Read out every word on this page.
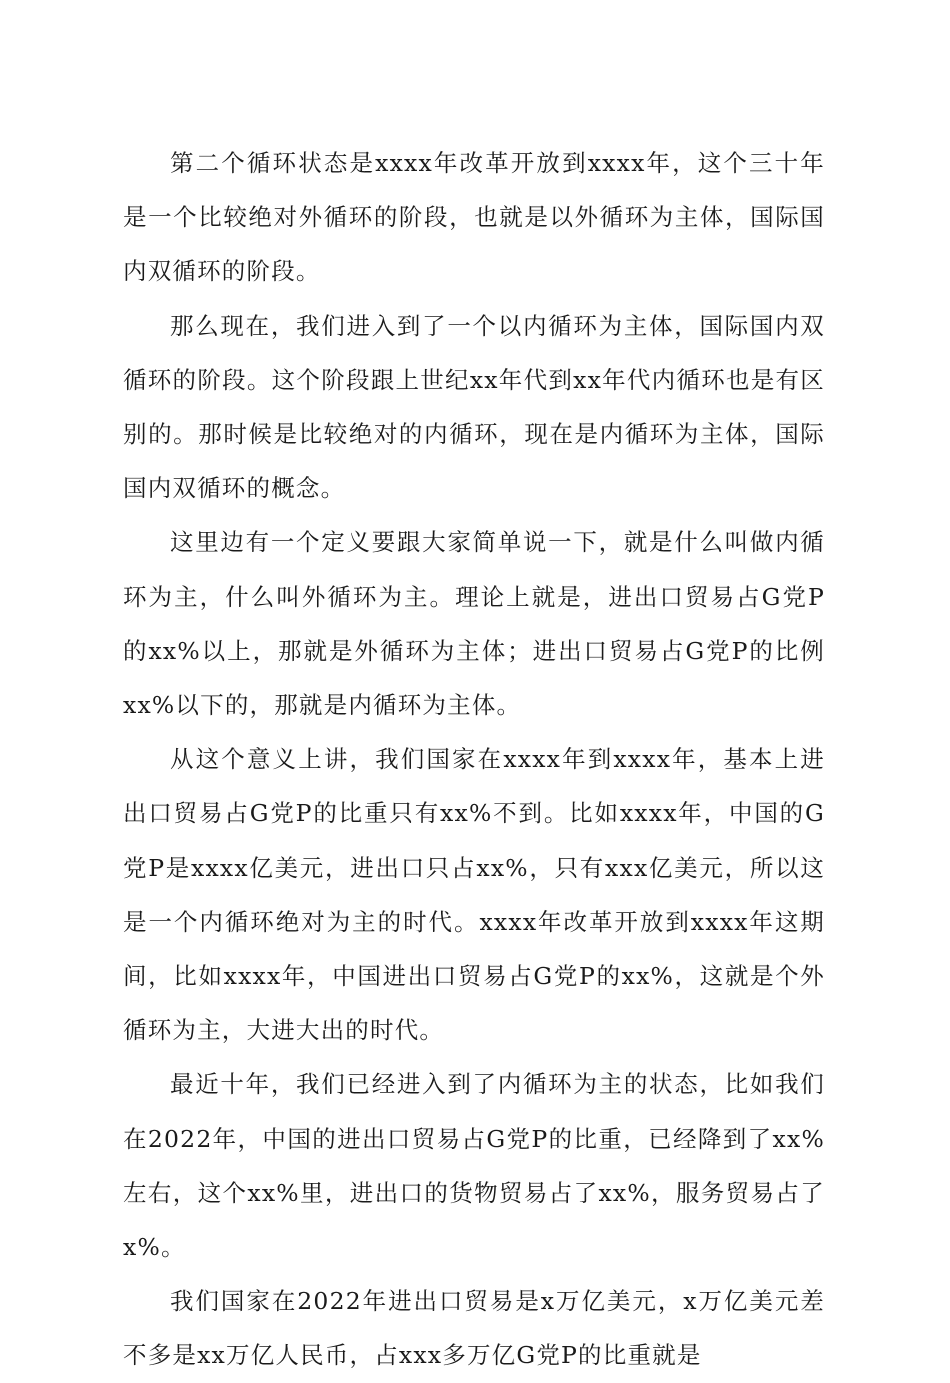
第二个循环状态是xxxx年改革开放到xxxx年，这个三十年是一个比较绝对外循环的阶段，也就是以外循环为主体，国际国内双循环的阶段。

那么现在，我们进入到了一个以内循环为主体，国际国内双循环的阶段。这个阶段跟上世纪xx年代到xx年代内循环也是有区别的。那时候是比较绝对的内循环，现在是内循环为主体，国际国内双循环的概念。

这里边有一个定义要跟大家简单说一下，就是什么叫做内循环为主，什么叫外循环为主。理论上就是，进出口贸易占G党P的xx%以上，那就是外循环为主体；进出口贸易占G党P的比例xx%以下的，那就是内循环为主体。

从这个意义上讲，我们国家在xxxx年到xxxx年，基本上进出口贸易占G党P的比重只有xx%不到。比如xxxx年，中国的G党P是xxxx亿美元，进出口只占xx%，只有xxx亿美元，所以这是一个内循环绝对为主的时代。xxxx年改革开放到xxxx年这期间，比如xxxx年，中国进出口贸易占G党P的xx%，这就是个外循环为主，大进大出的时代。

最近十年，我们已经进入到了内循环为主的状态，比如我们在2022年，中国的进出口贸易占G党P的比重，已经降到了xx%左右，这个xx%里，进出口的货物贸易占了xx%，服务贸易占了x%。

我们国家在2022年进出口贸易是x万亿美元，x万亿美元差不多是xx万亿人民币，占xxx多万亿G党P的比重就是
